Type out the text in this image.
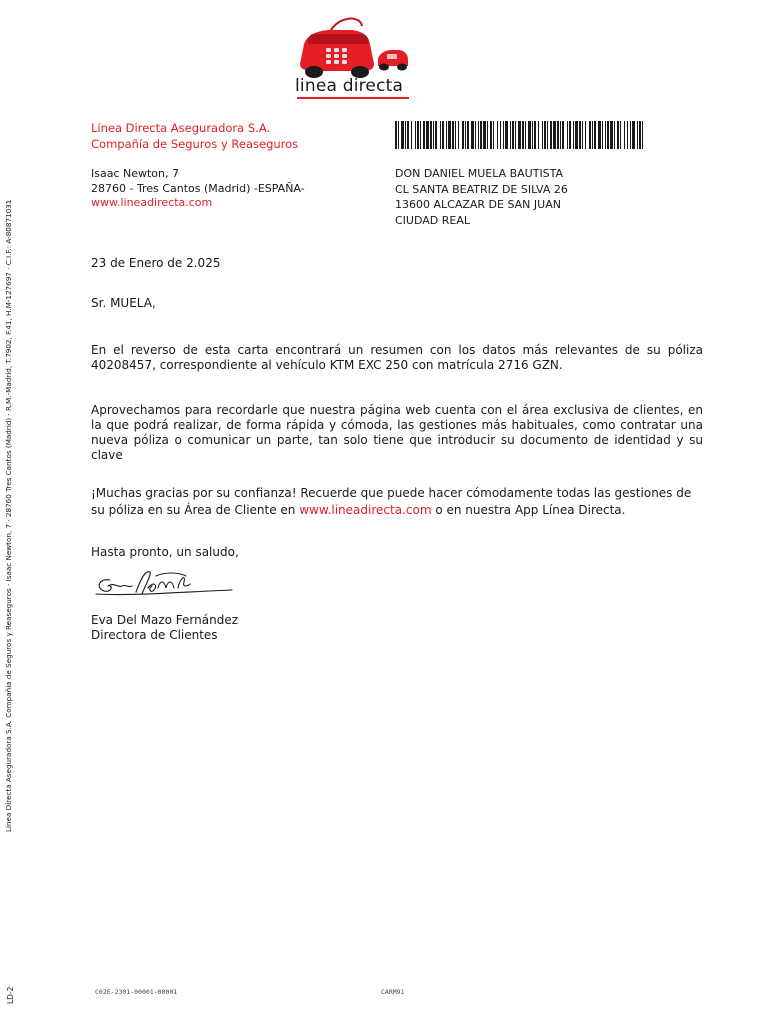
linea directa
Línea Directa Aseguradora S.A.
Compañía de Seguros y Reaseguros
Isaac Newton, 7
28760 - Tres Cantos (Madrid) -ESPAÑA-
www.lineadirecta.com
DON DANIEL MUELA BAUTISTA
CL SANTA BEATRIZ DE SILVA 26
13600 ALCAZAR DE SAN JUAN
CIUDAD REAL
23 de Enero de 2.025
Sr. MUELA,
En el reverso de esta carta encontrará un resumen con los datos más relevantes de su póliza 40208457, correspondiente al vehículo KTM EXC 250 con matrícula 2716 GZN.
Aprovechamos para recordarle que nuestra página web cuenta con el área exclusiva de clientes, en la que podrá realizar, de forma rápida y cómoda, las gestiones más habituales, como contratar una nueva póliza o comunicar un parte, tan solo tiene que introducir su documento de identidad y su clave
¡Muchas gracias por su confianza! Recuerde que puede hacer cómodamente todas las gestiones de su póliza en su Área de Cliente en www.lineadirecta.com o en nuestra App Línea Directa.
Hasta pronto, un saludo,
Eva Del Mazo Fernández
Directora de Clientes
Línea Directa Aseguradora S.A. Compañía de Seguros y Reaseguros · Isaac Newton, 7 · 28760 Tres Cantos (Madrid) · R.M.-Madrid, T.7902, F.41, H.M-127697 · C.I.F.: A-80871031
LD-2	C02E-2301-00001-00001	CARM91
